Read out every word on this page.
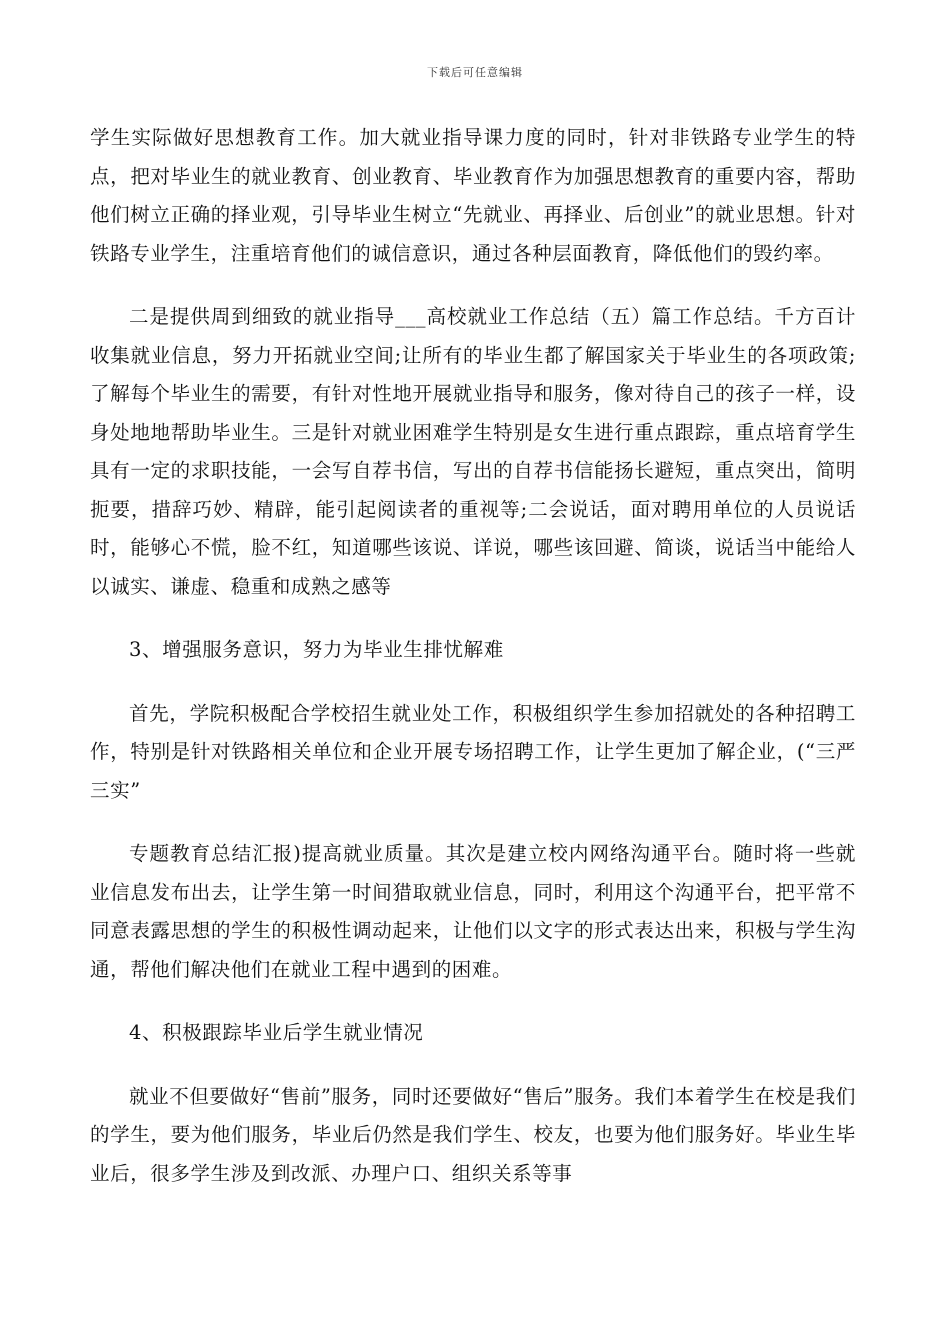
下载后可任意编辑

学生实际做好思想教育工作。加大就业指导课力度的同时，针对非铁路专业学生的特点，把对毕业生的就业教育、创业教育、毕业教育作为加强思想教育的重要内容，帮助他们树立正确的择业观，引导毕业生树立“先就业、再择业、后创业”的就业思想。针对铁路专业学生，注重培育他们的诚信意识，通过各种层面教育，降低他们的毁约率。

二是提供周到细致的就业指导___高校就业工作总结（五）篇工作总结。千方百计收集就业信息，努力开拓就业空间;让所有的毕业生都了解国家关于毕业生的各项政策;了解每个毕业生的需要，有针对性地开展就业指导和服务，像对待自己的孩子一样，设身处地地帮助毕业生。三是针对就业困难学生特别是女生进行重点跟踪，重点培育学生具有一定的求职技能，一会写自荐书信，写出的自荐书信能扬长避短，重点突出，简明扼要，措辞巧妙、精辟，能引起阅读者的重视等;二会说话，面对聘用单位的人员说话时，能够心不慌，脸不红，知道哪些该说、详说，哪些该回避、简谈，说话当中能给人以诚实、谦虚、稳重和成熟之感等

3、增强服务意识，努力为毕业生排忧解难

首先，学院积极配合学校招生就业处工作，积极组织学生参加招就处的各种招聘工作，特别是针对铁路相关单位和企业开展专场招聘工作，让学生更加了解企业，(“三严三实”

专题教育总结汇报)提高就业质量。其次是建立校内网络沟通平台。随时将一些就业信息发布出去，让学生第一时间猎取就业信息，同时，利用这个沟通平台，把平常不同意表露思想的学生的积极性调动起来，让他们以文字的形式表达出来，积极与学生沟通，帮他们解决他们在就业工程中遇到的困难。

4、积极跟踪毕业后学生就业情况

就业不但要做好“售前”服务，同时还要做好“售后”服务。我们本着学生在校是我们的学生，要为他们服务，毕业后仍然是我们学生、校友，也要为他们服务好。毕业生毕业后，很多学生涉及到改派、办理户口、组织关系等事
